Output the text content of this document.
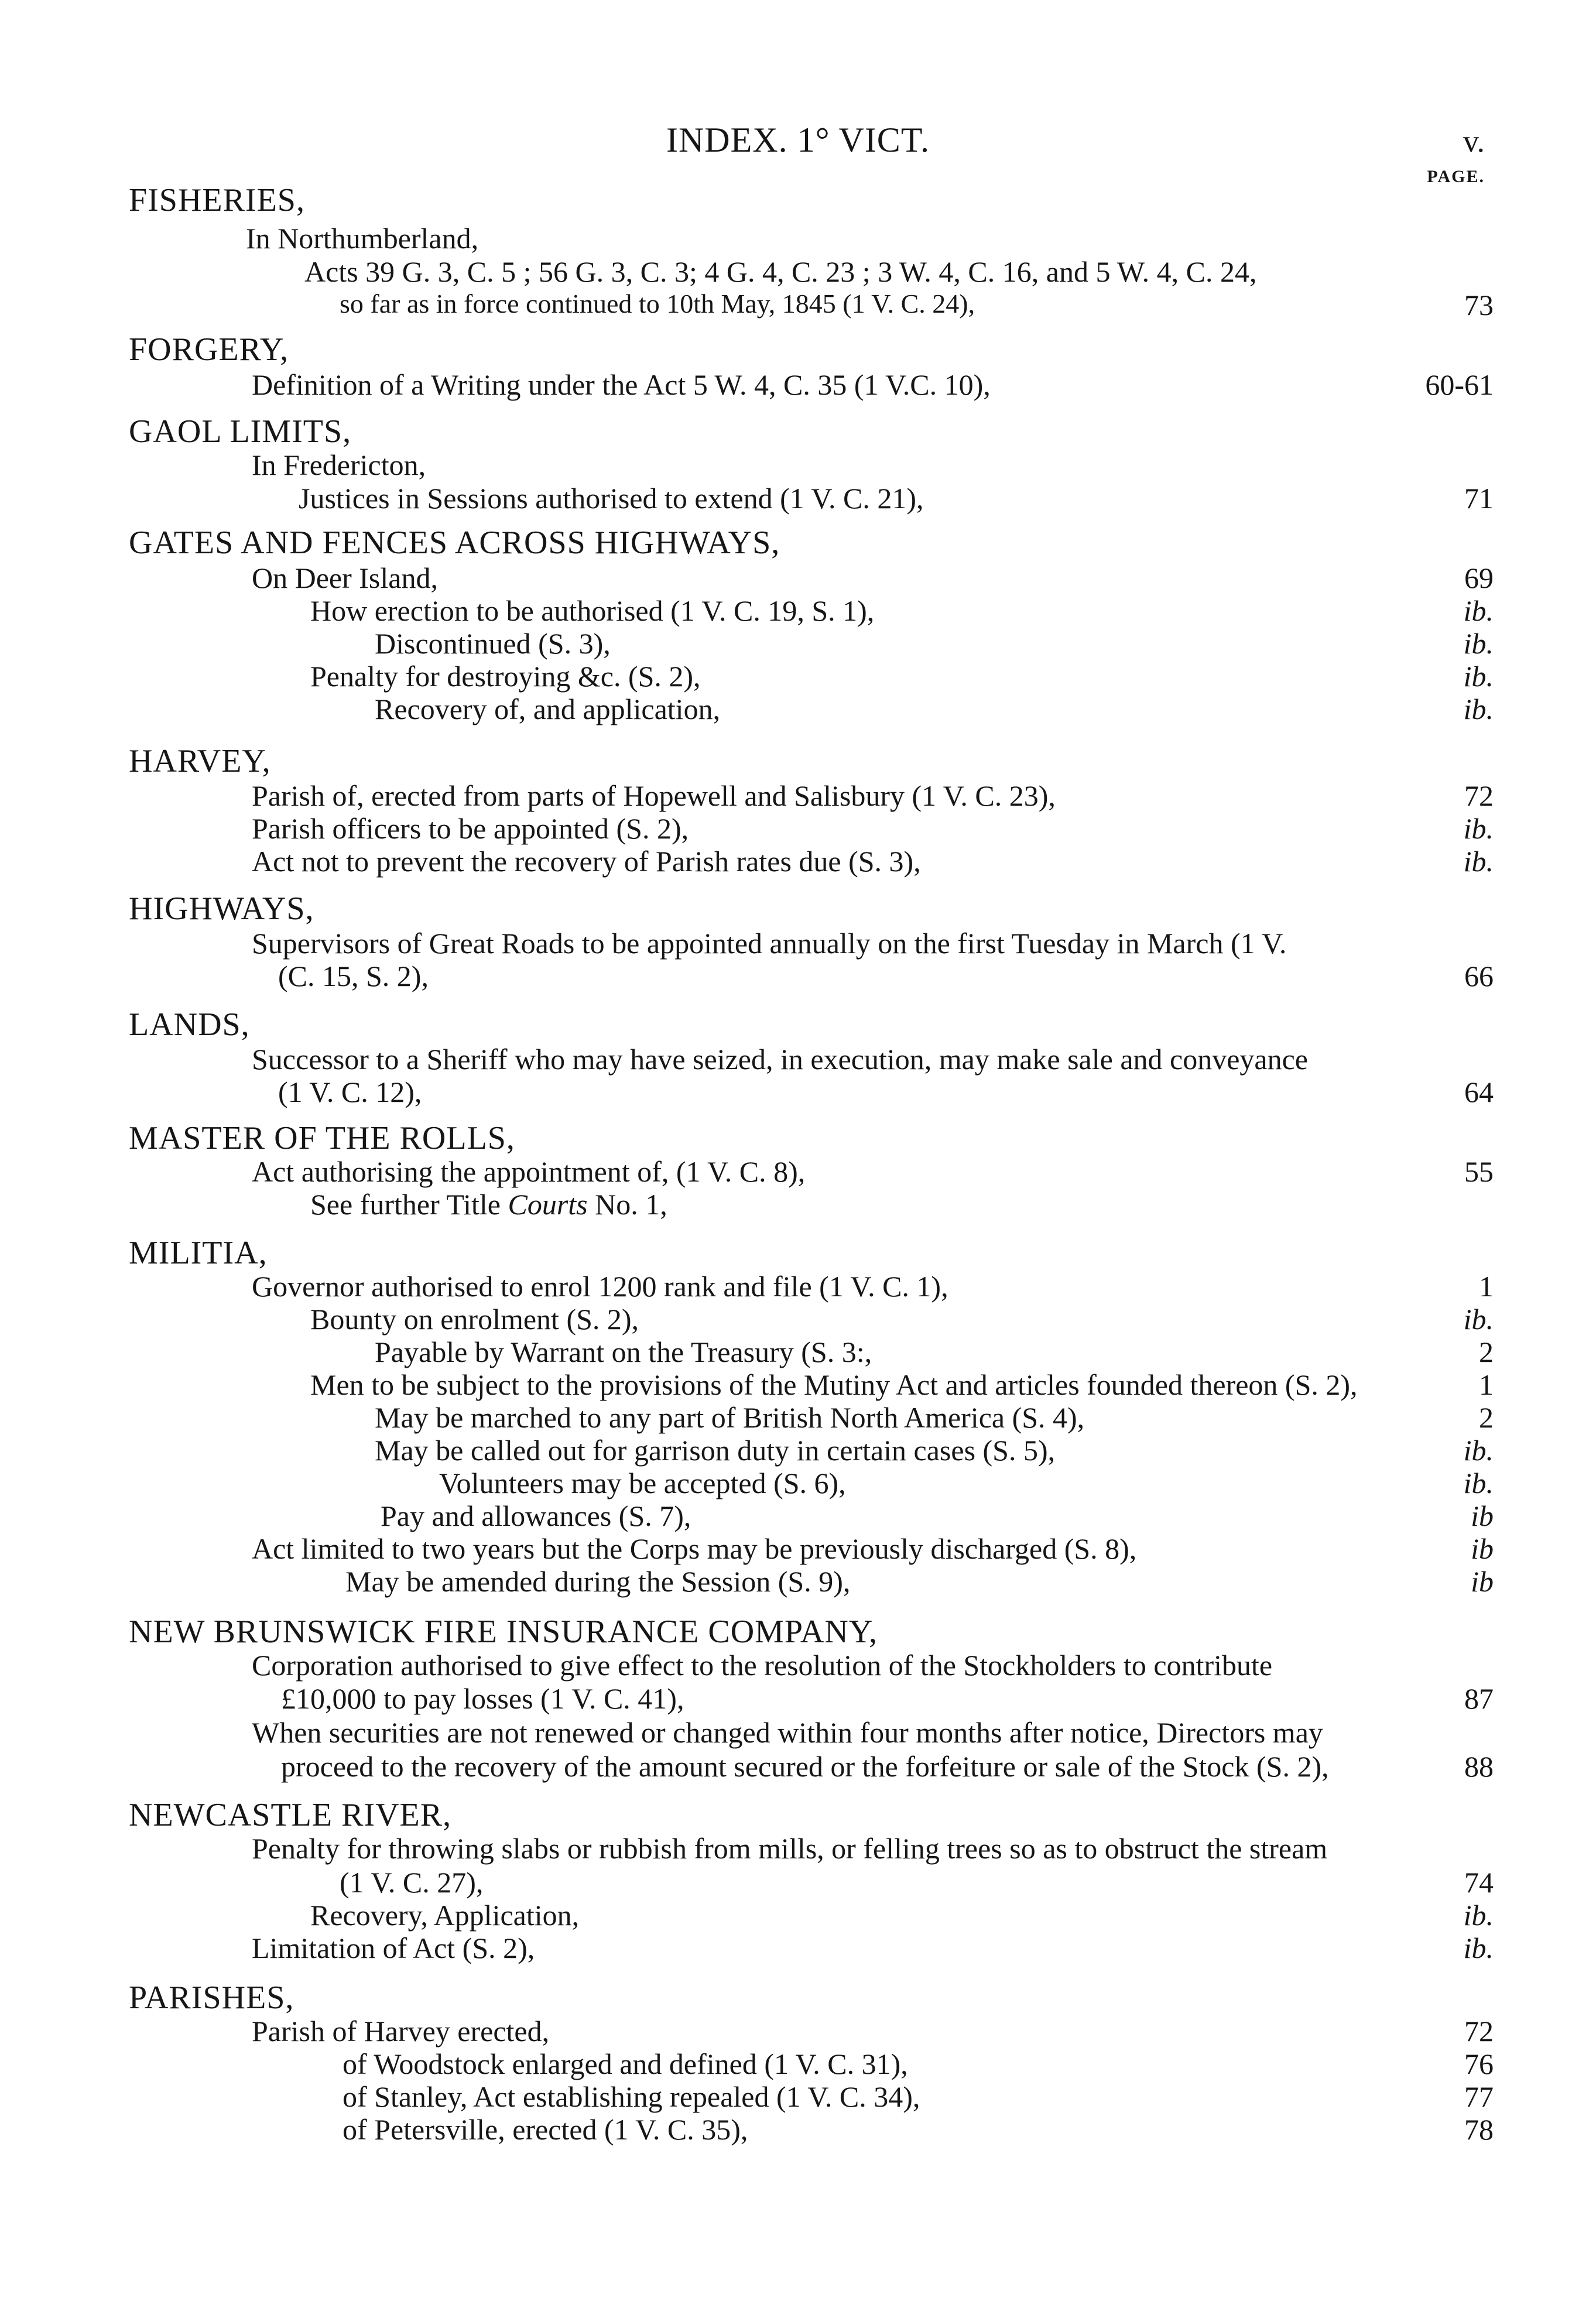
INDEX. 1° VICT.	v.
PAGE.
FISHERIES,
In Northumberland,
Acts 39 G. 3, C. 5 ; 56 G. 3, C. 3; 4 G. 4, C. 23 ; 3 W. 4, C. 16, and 5 W. 4, C. 24,
so far as in force continued to 10th May, 1845 (1 V. C. 24),	73
FORGERY,
Definition of a Writing under the Act 5 W. 4, C. 35 (1 V.C. 10),	60-61
GAOL LIMITS,
In Fredericton,
Justices in Sessions authorised to extend (1 V. C. 21),	71
GATES AND FENCES ACROSS HIGHWAYS,
On Deer Island,	69
How erection to be authorised (1 V. C. 19, S. 1),	ib.
Discontinued (S. 3),	ib.
Penalty for destroying &c. (S. 2),	ib.
Recovery of, and application,	ib.
HARVEY,
Parish of, erected from parts of Hopewell and Salisbury (1 V. C. 23),	72
Parish officers to be appointed (S. 2),	ib.
Act not to prevent the recovery of Parish rates due (S. 3),	ib.
HIGHWAYS,
Supervisors of Great Roads to be appointed annually on the first Tuesday in March (1 V.
(C. 15, S. 2),	66
LANDS,
Successor to a Sheriff who may have seized, in execution, may make sale and conveyance
(1 V. C. 12),	64
MASTER OF THE ROLLS,
Act authorising the appointment of, (1 V. C. 8),	55
See further Title Courts No. 1,
MILITIA,
Governor authorised to enrol 1200 rank and file (1 V. C. 1),	1
Bounty on enrolment (S. 2),	ib.
Payable by Warrant on the Treasury (S. 3:,	2
Men to be subject to the provisions of the Mutiny Act and articles founded thereon (S. 2),	1
May be marched to any part of British North America (S. 4),	2
May be called out for garrison duty in certain cases (S. 5),	ib.
Volunteers may be accepted (S. 6),	ib.
Pay and allowances (S. 7),	ib
Act limited to two years but the Corps may be previously discharged (S. 8),	ib
May be amended during the Session (S. 9),	ib
NEW BRUNSWICK FIRE INSURANCE COMPANY,
Corporation authorised to give effect to the resolution of the Stockholders to contribute
£10,000 to pay losses (1 V. C. 41),	87
When securities are not renewed or changed within four months after notice, Directors may
proceed to the recovery of the amount secured or the forfeiture or sale of the Stock (S. 2),	88
NEWCASTLE RIVER,
Penalty for throwing slabs or rubbish from mills, or felling trees so as to obstruct the stream
(1 V. C. 27),	74
Recovery, Application,	ib.
Limitation of Act (S. 2),	ib.
PARISHES,
Parish of Harvey erected,	72
of Woodstock enlarged and defined (1 V. C. 31),	76
of Stanley, Act establishing repealed (1 V. C. 34),	77
of Petersville, erected (1 V. C. 35),	78
